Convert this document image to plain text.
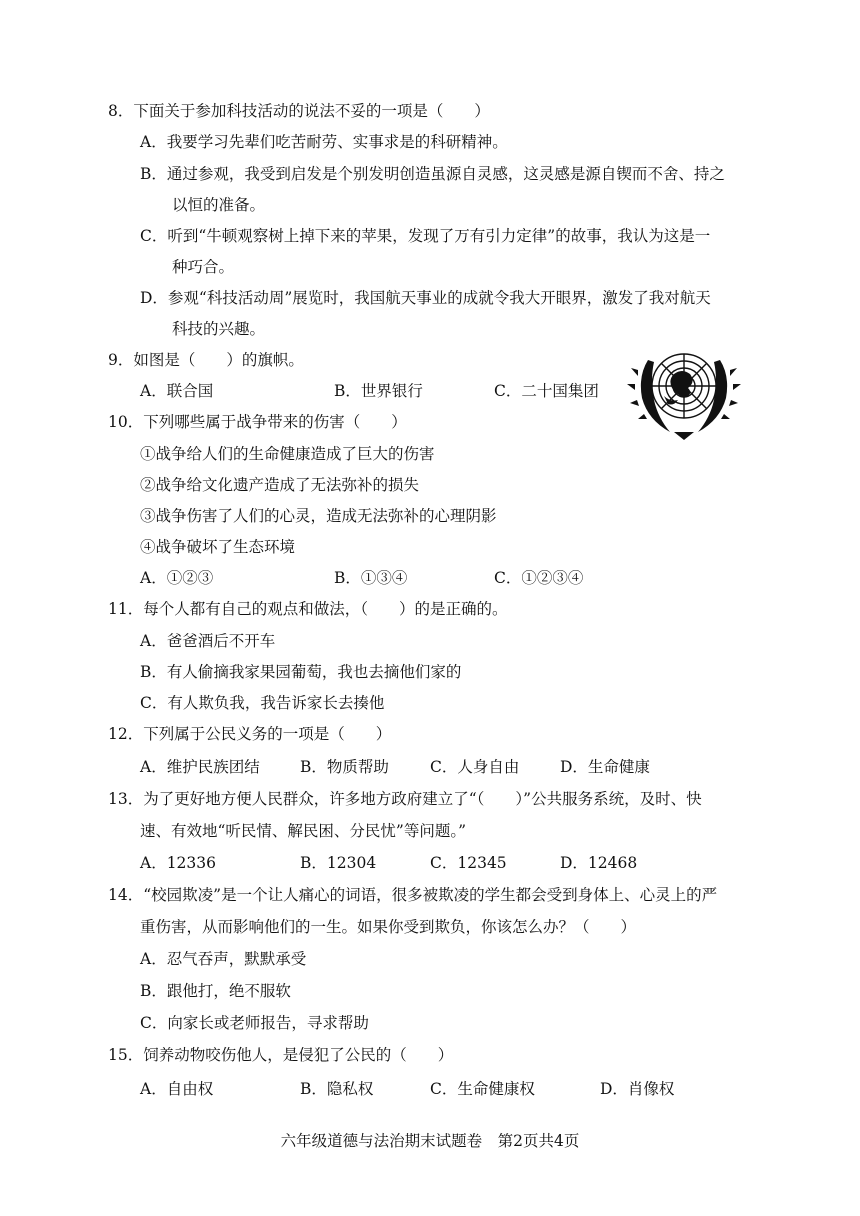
8．下面关于参加科技活动的说法不妥的一项是（　　）
A．我要学习先辈们吃苦耐劳、实事求是的科研精神。
B．通过参观，我受到启发是个别发明创造虽源自灵感，这灵感是源自锲而不舍、持之
以恒的准备。
C．听到“牛顿观察树上掉下来的苹果，发现了万有引力定律”的故事，我认为这是一
种巧合。
D．参观“科技活动周”展览时，我国航天事业的成就令我大开眼界，激发了我对航天
科技的兴趣。
9．如图是（　　）的旗帜。
A．联合国	B．世界银行	C．二十国集团
10．下列哪些属于战争带来的伤害（　　）
①战争给人们的生命健康造成了巨大的伤害
②战争给文化遗产造成了无法弥补的损失
③战争伤害了人们的心灵，造成无法弥补的心理阴影
④战争破坏了生态环境
A．①②③	B．①③④	C．①②③④
11．每个人都有自己的观点和做法，（　　）的是正确的。
A．爸爸酒后不开车
B．有人偷摘我家果园葡萄，我也去摘他们家的
C．有人欺负我，我告诉家长去揍他
12．下列属于公民义务的一项是（　　）
A．维护民族团结	B．物质帮助	C．人身自由	D．生命健康
13．为了更好地方便人民群众，许多地方政府建立了“（　　）”公共服务系统，及时、快
速、有效地“听民情、解民困、分民忧”等问题。”
A．12336	B．12304	C．12345	D．12468
14．“校园欺凌”是一个让人痛心的词语，很多被欺凌的学生都会受到身体上、心灵上的严
重伤害，从而影响他们的一生。如果你受到欺负，你该怎么办？（　　）
A．忍气吞声，默默承受
B．跟他打，绝不服软
C．向家长或老师报告，寻求帮助
15．饲养动物咬伤他人，是侵犯了公民的（　　）
A．自由权	B．隐私权	C．生命健康权	D．肖像权
六年级道德与法治期末试题卷　第2页共4页
